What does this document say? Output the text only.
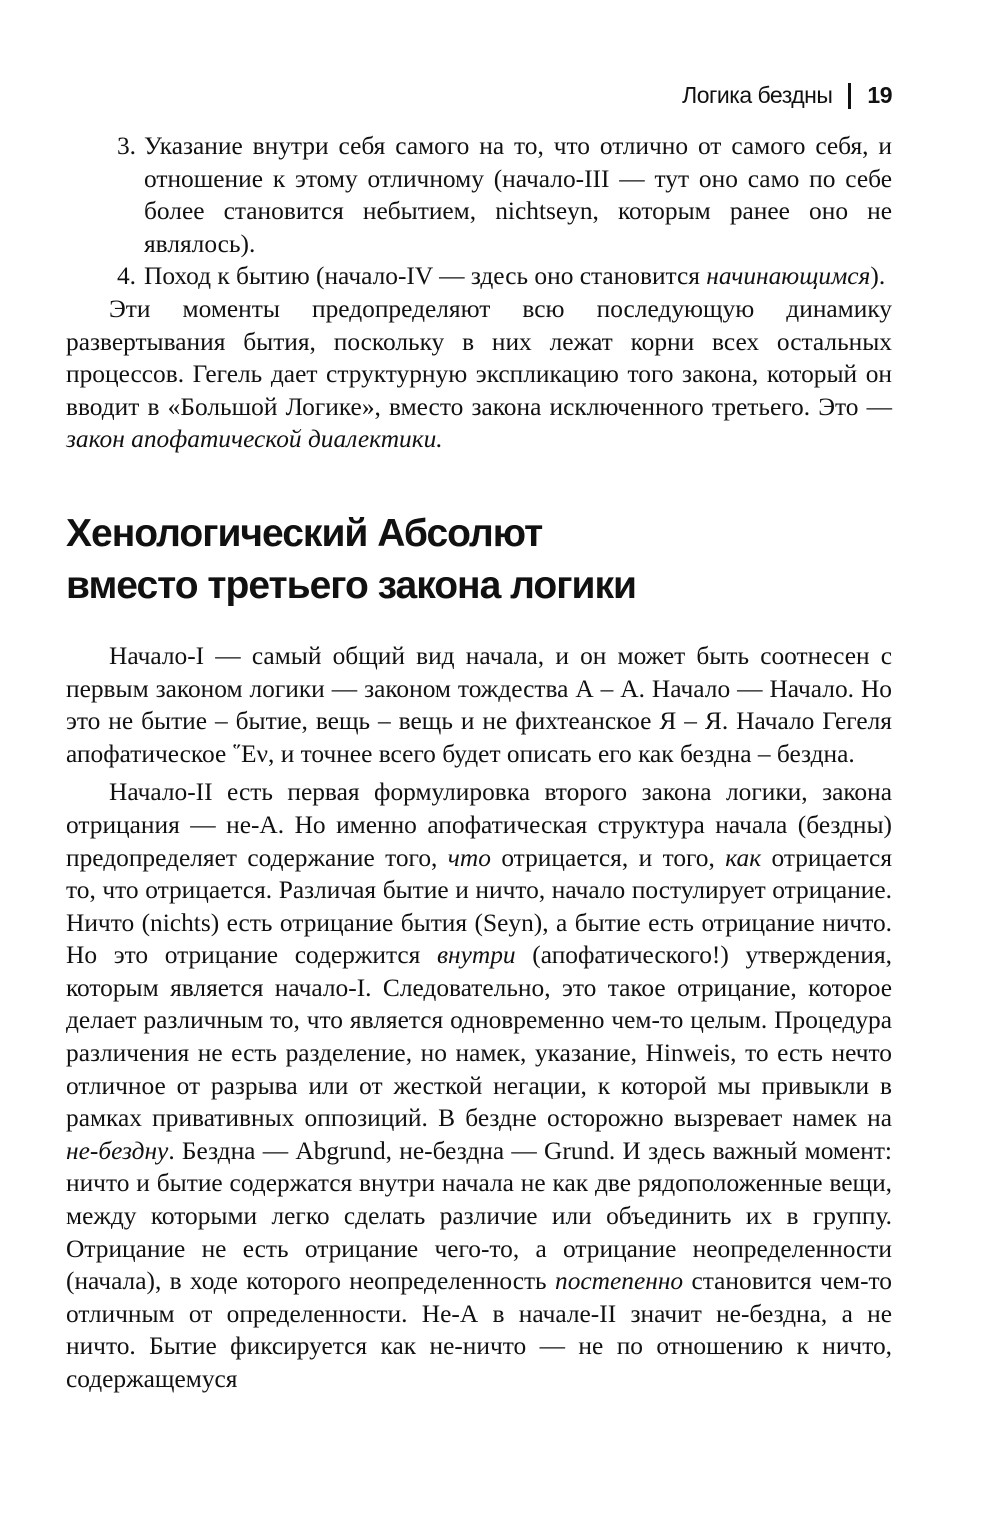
Логика бездны 19
3. Указание внутри себя самого на то, что отлично от самого себя, и отношение к этому отличному (начало-III — тут оно само по себе более становится небытием, nichtseyn, которым ранее оно не являлось).
4. Поход к бытию (начало-IV — здесь оно становится начинающимся).

Эти моменты предопределяют всю последующую динамику развертывания бытия, поскольку в них лежат корни всех остальных процессов. Гегель дает структурную экспликацию того закона, который он вводит в «Большой Логике», вместо закона исключенного третьего. Это — закон апофатической диалектики.

Хенологический Абсолют
вместо третьего закона логики

Начало-I — самый общий вид начала, и он может быть соотнесен с первым законом логики — законом тождества А – А. Начало — Начало. Но это не бытие – бытие, вещь – вещь и не фихтеанское Я – Я. Начало Гегеля апофатическое ῞Eν, и точнее всего будет описать его как бездна – бездна.

Начало-II есть первая формулировка второго закона логики, закона отрицания — не-А. Но именно апофатическая структура начала (бездны) предопределяет содержание того, что отрицается, и того, как отрицается то, что отрицается. Различая бытие и ничто, начало постулирует отрицание. Ничто (nichts) есть отрицание бытия (Seyn), а бытие есть отрицание ничто. Но это отрицание содержится внутри (апофатического!) утверждения, которым является начало-I. Следовательно, это такое отрицание, которое делает различным то, что является одновременно чем-то целым. Процедура различения не есть разделение, но намек, указание, Hinweis, то есть нечто отличное от разрыва или от жесткой негации, к которой мы привыкли в рамках привативных оппозиций. В бездне осторожно вызревает намек на не-бездну. Бездна — Abgrund, не-бездна — Grund. И здесь важный момент: ничто и бытие содержатся внутри начала не как две рядоположенные вещи, между которыми легко сделать различие или объединить их в группу. Отрицание не есть отрицание чего-то, а отрицание неопределенности (начала), в ходе которого неопределенность постепенно становится чем-то отличным от определенности. Не-А в начале-II значит не-бездна, а не ничто. Бытие фиксируется как не-ничто — не по отношению к ничто, содержащемуся
